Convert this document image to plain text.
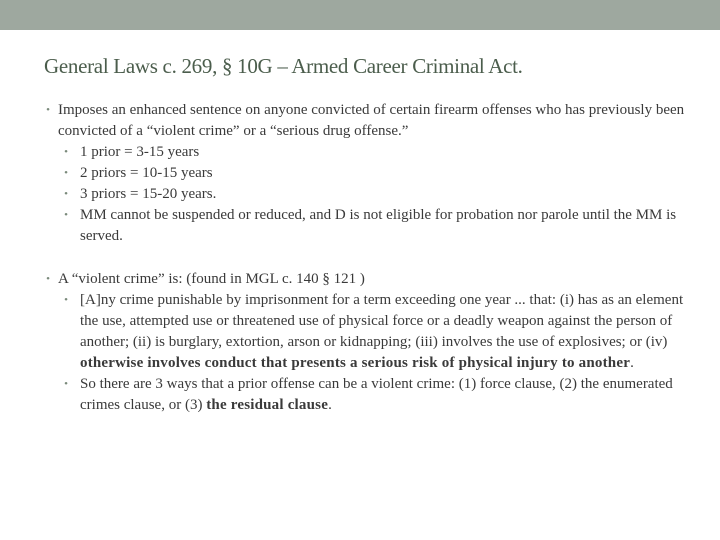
General Laws c. 269, § 10G – Armed Career Criminal Act.

• Imposes an enhanced sentence on anyone convicted of certain firearm offenses who has previously been convicted of a “violent crime” or a “serious drug offense.”

• 1 prior = 3-15 years

• 2 priors = 10-15 years

• 3 priors = 15-20 years.

• MM cannot be suspended or reduced, and D is not eligible for probation nor parole until the MM is served.

• A “violent crime” is: (found in MGL c. 140 § 121 )

• [A]ny crime punishable by imprisonment for a term exceeding one year ... that: (i) has as an element the use, attempted use or threatened use of physical force or a deadly weapon against the person of another; (ii) is burglary, extortion, arson or kidnapping; (iii) involves the use of explosives; or (iv) otherwise involves conduct that presents a serious risk of physical injury to another.

• So there are 3 ways that a prior offense can be a violent crime: (1) force clause, (2) the enumerated crimes clause, or (3) the residual clause.
